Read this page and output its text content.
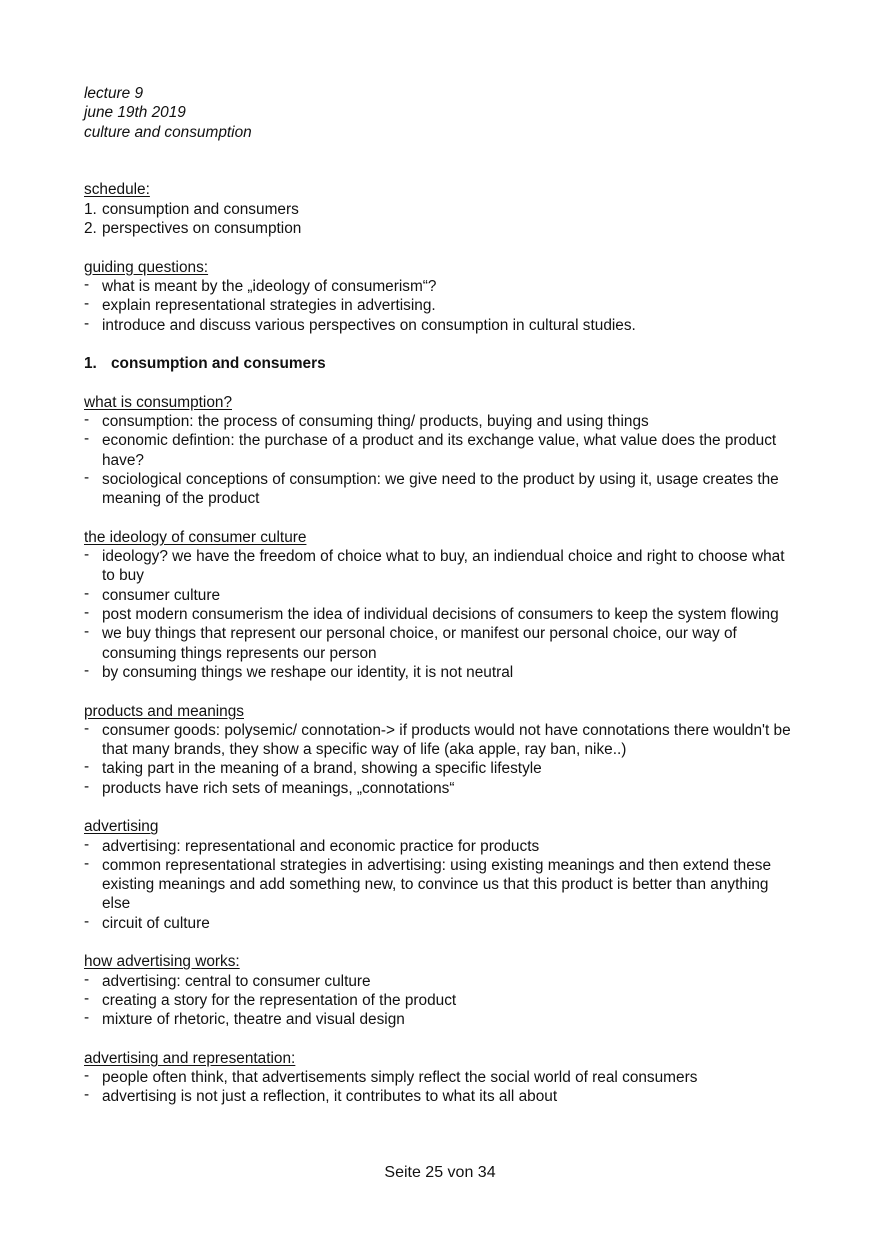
lecture 9
june 19th 2019
culture and consumption
schedule:
1. consumption and consumers
2. perspectives on consumption
guiding questions:
- what is meant by the „ideology of consumerism“?
- explain representational strategies in advertising.
- introduce and discuss various perspectives on consumption in cultural studies.
1. consumption and consumers
what is consumption?
- consumption: the process of consuming thing/ products, buying and using things
- economic defintion: the purchase of a product and its exchange value, what value does the product have?
- sociological conceptions of consumption: we give need to the product by using it, usage creates the meaning of the product
the ideology of consumer culture
- ideology? we have the freedom of choice what to buy, an indiendual choice and right to choose what to buy
- consumer culture
- post modern consumerism the idea of individual decisions of consumers to keep the system flowing
- we buy things that represent our personal choice, or manifest our personal choice, our way of consuming things represents our person
- by consuming things we reshape our identity, it is not neutral
products and meanings
- consumer goods: polysemic/ connotation-> if products would not have connotations there wouldn't be that many brands, they show a specific way of life (aka apple, ray ban, nike..)
- taking part in the meaning of a brand, showing a specific lifestyle
- products have rich sets of meanings, „connotations“
advertising
- advertising: representational and economic practice for products
- common representational strategies in advertising: using existing meanings and then extend these existing meanings and add something new, to convince us that this product is better than anything else
- circuit of culture
how advertising works:
- advertising: central to consumer culture
- creating a story for the representation of the product
- mixture of rhetoric, theatre and visual design
advertising and representation:
- people often think, that advertisements simply reflect the social world of real consumers
- advertising is not just a reflection, it contributes to what its all about
Seite 25 von 34
